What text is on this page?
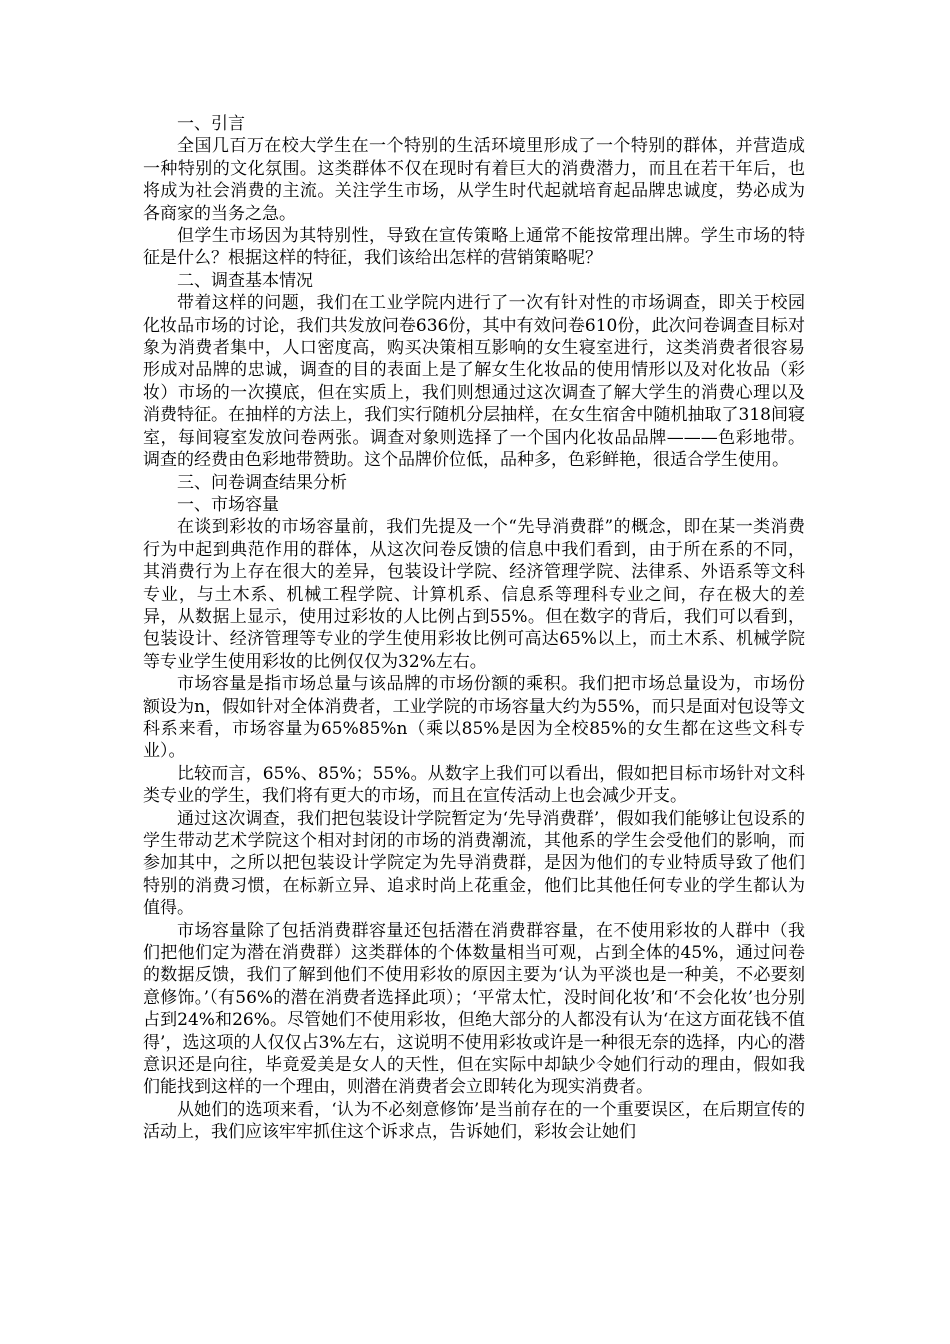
一、引言

全国几百万在校大学生在一个特别的生活环境里形成了一个特别的群体，并营造成一种特别的文化氛围。这类群体不仅在现时有着巨大的消费潜力，而且在若干年后，也将成为社会消费的主流。关注学生市场，从学生时代起就培育起品牌忠诚度，势必成为各商家的当务之急。

但学生市场因为其特别性，导致在宣传策略上通常不能按常理出牌。学生市场的特征是什么？根据这样的特征，我们该给出怎样的营销策略呢？

二、调查基本情况

带着这样的问题，我们在工业学院内进行了一次有针对性的市场调查，即关于校园化妆品市场的讨论，我们共发放问卷636份，其中有效问卷610份，此次问卷调查目标对象为消费者集中，人口密度高，购买决策相互影响的女生寝室进行，这类消费者很容易形成对品牌的忠诚，调查的目的表面上是了解女生化妆品的使用情形以及对化妆品（彩妆）市场的一次摸底，但在实质上，我们则想通过这次调查了解大学生的消费心理以及消费特征。在抽样的方法上，我们实行随机分层抽样，在女生宿舍中随机抽取了318间寝室，每间寝室发放问卷两张。调查对象则选择了一个国内化妆品品牌———色彩地带。调查的经费由色彩地带赞助。这个品牌价位低，品种多，色彩鲜艳，很适合学生使用。

三、问卷调查结果分析

一、市场容量

在谈到彩妆的市场容量前，我们先提及一个“先导消费群”的概念，即在某一类消费行为中起到典范作用的群体，从这次问卷反馈的信息中我们看到，由于所在系的不同，其消费行为上存在很大的差异，包装设计学院、经济管理学院、法律系、外语系等文科专业，与土木系、机械工程学院、计算机系、信息系等理科专业之间，存在极大的差异，从数据上显示，使用过彩妆的人比例占到55%。但在数字的背后，我们可以看到，包装设计、经济管理等专业的学生使用彩妆比例可高达65%以上，而土木系、机械学院等专业学生使用彩妆的比例仅仅为32%左右。

市场容量是指市场总量与该品牌的市场份额的乘积。我们把市场总量设为，市场份额设为n，假如针对全体消费者，工业学院的市场容量大约为55%，而只是面对包设等文科系来看，市场容量为65%85%n（乘以85%是因为全校85%的女生都在这些文科专业）。

比较而言，65%、85%；55%。从数字上我们可以看出，假如把目标市场针对文科类专业的学生，我们将有更大的市场，而且在宣传活动上也会减少开支。

通过这次调查，我们把包装设计学院暂定为‘先导消费群’，假如我们能够让包设系的学生带动艺术学院这个相对封闭的市场的消费潮流，其他系的学生会受他们的影响，而参加其中，之所以把包装设计学院定为先导消费群，是因为他们的专业特质导致了他们特别的消费习惯，在标新立异、追求时尚上花重金，他们比其他任何专业的学生都认为值得。

市场容量除了包括消费群容量还包括潜在消费群容量，在不使用彩妆的人群中（我们把他们定为潜在消费群）这类群体的个体数量相当可观，占到全体的45%，通过问卷的数据反馈，我们了解到他们不使用彩妆的原因主要为‘认为平淡也是一种美，不必要刻意修饰。’（有56%的潜在消费者选择此项）；‘平常太忙，没时间化妆’和‘不会化妆’也分别占到24%和26%。尽管她们不使用彩妆，但绝大部分的人都没有认为‘在这方面花钱不值得’，选这项的人仅仅占3%左右，这说明不使用彩妆或许是一种很无奈的选择，内心的潜意识还是向往，毕竟爱美是女人的天性，但在实际中却缺少令她们行动的理由，假如我们能找到这样的一个理由，则潜在消费者会立即转化为现实消费者。

从她们的选项来看，‘认为不必刻意修饰’是当前存在的一个重要误区，在后期宣传的活动上，我们应该牢牢抓住这个诉求点，告诉她们，彩妆会让她们
